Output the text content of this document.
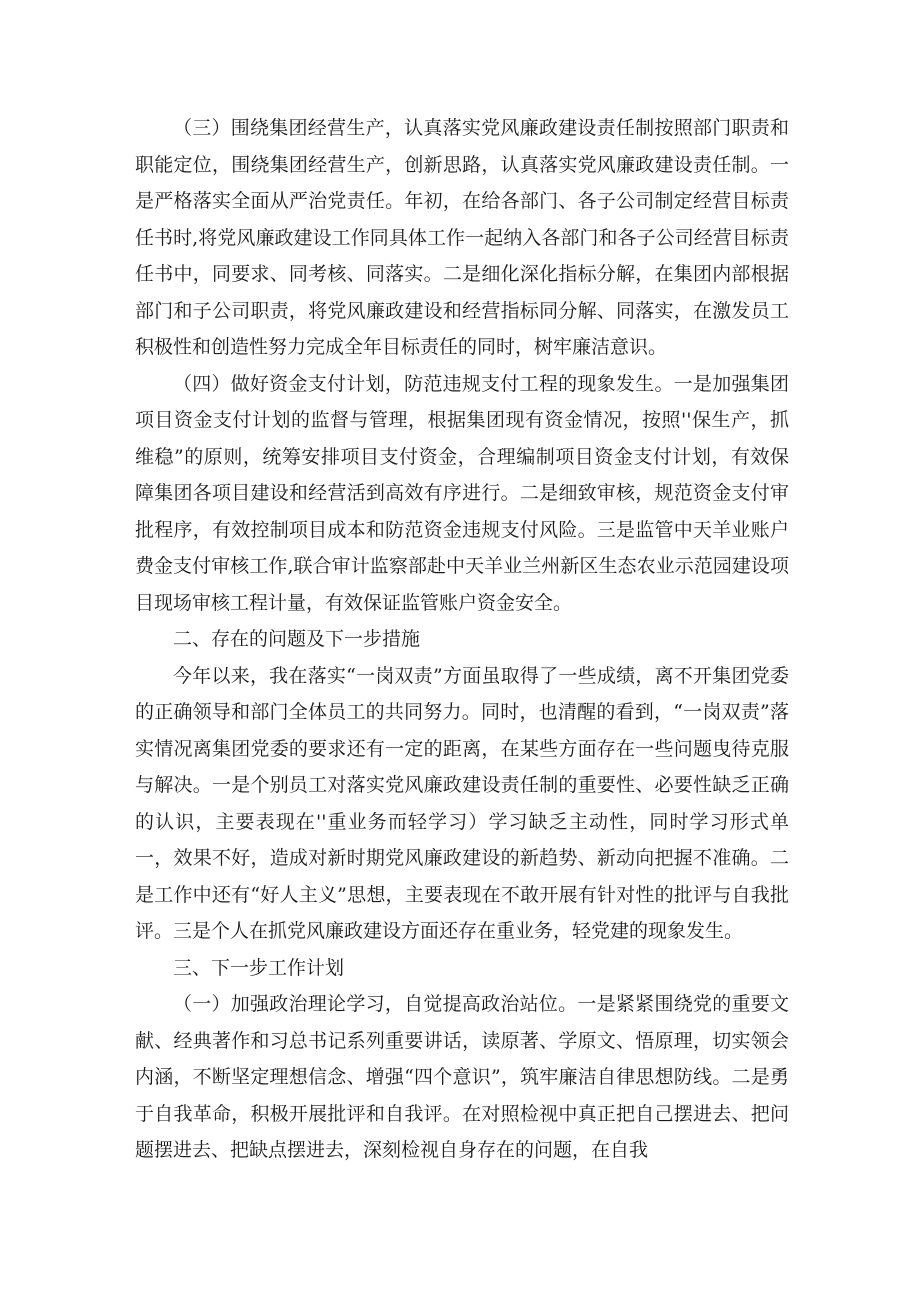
（三）围绕集团经营生产，认真落实党风廉政建设责任制按照部门职责和职能定位，围绕集团经营生产，创新思路，认真落实党风廉政建设责任制。一是严格落实全面从严治党责任。年初，在给各部门、各子公司制定经营目标责任书时,将党风廉政建设工作同具体工作一起纳入各部门和各子公司经营目标责任书中，同要求、同考核、同落实。二是细化深化指标分解，在集团内部根据部门和子公司职责，将党风廉政建设和经营指标同分解、同落实，在激发员工积极性和创造性努力完成全年目标责任的同时，树牢廉洁意识。

（四）做好资金支付计划，防范违规支付工程的现象发生。一是加强集团项目资金支付计划的监督与管理，根据集团现有资金情况，按照''保生产，抓维稳”的原则，统筹安排项目支付资金，合理编制项目资金支付计划，有效保障集团各项目建设和经营活到高效有序进行。二是细致审核，规范资金支付审批程序，有效控制项目成本和防范资金违规支付风险。三是监管中天羊业账户费金支付审核工作,联合审计监察部赴中天羊业兰州新区生态农业示范园建设项目现场审核工程计量，有效保证监管账户资金安全。

二、存在的问题及下一步措施

今年以来，我在落实“一岗双责”方面虽取得了一些成绩，离不开集团党委的正确领导和部门全体员工的共同努力。同时，也清醒的看到，“一岗双责”落实情况离集团党委的要求还有一定的距离，在某些方面存在一些问题曳待克服与解决。一是个别员工对落实党风廉政建设责任制的重要性、必要性缺乏正确的认识，主要表现在''重业务而轻学习）学习缺乏主动性，同时学习形式单一，效果不好，造成对新时期党风廉政建设的新趋势、新动向把握不准确。二是工作中还有“好人主义”思想，主要表现在不敢开展有针对性的批评与自我批评。三是个人在抓党风廉政建设方面还存在重业务，轻党建的现象发生。

三、下一步工作计划

（一）加强政治理论学习，自觉提高政治站位。一是紧紧围绕党的重要文献、经典著作和习总书记系列重要讲话，读原著、学原文、悟原理，切实领会内涵，不断坚定理想信念、增强“四个意识”，筑牢廉洁自律思想防线。二是勇于自我革命，积极开展批评和自我评。在对照检视中真正把自己摆进去、把问题摆进去、把缺点摆进去，深刻检视自身存在的问题，在自我
